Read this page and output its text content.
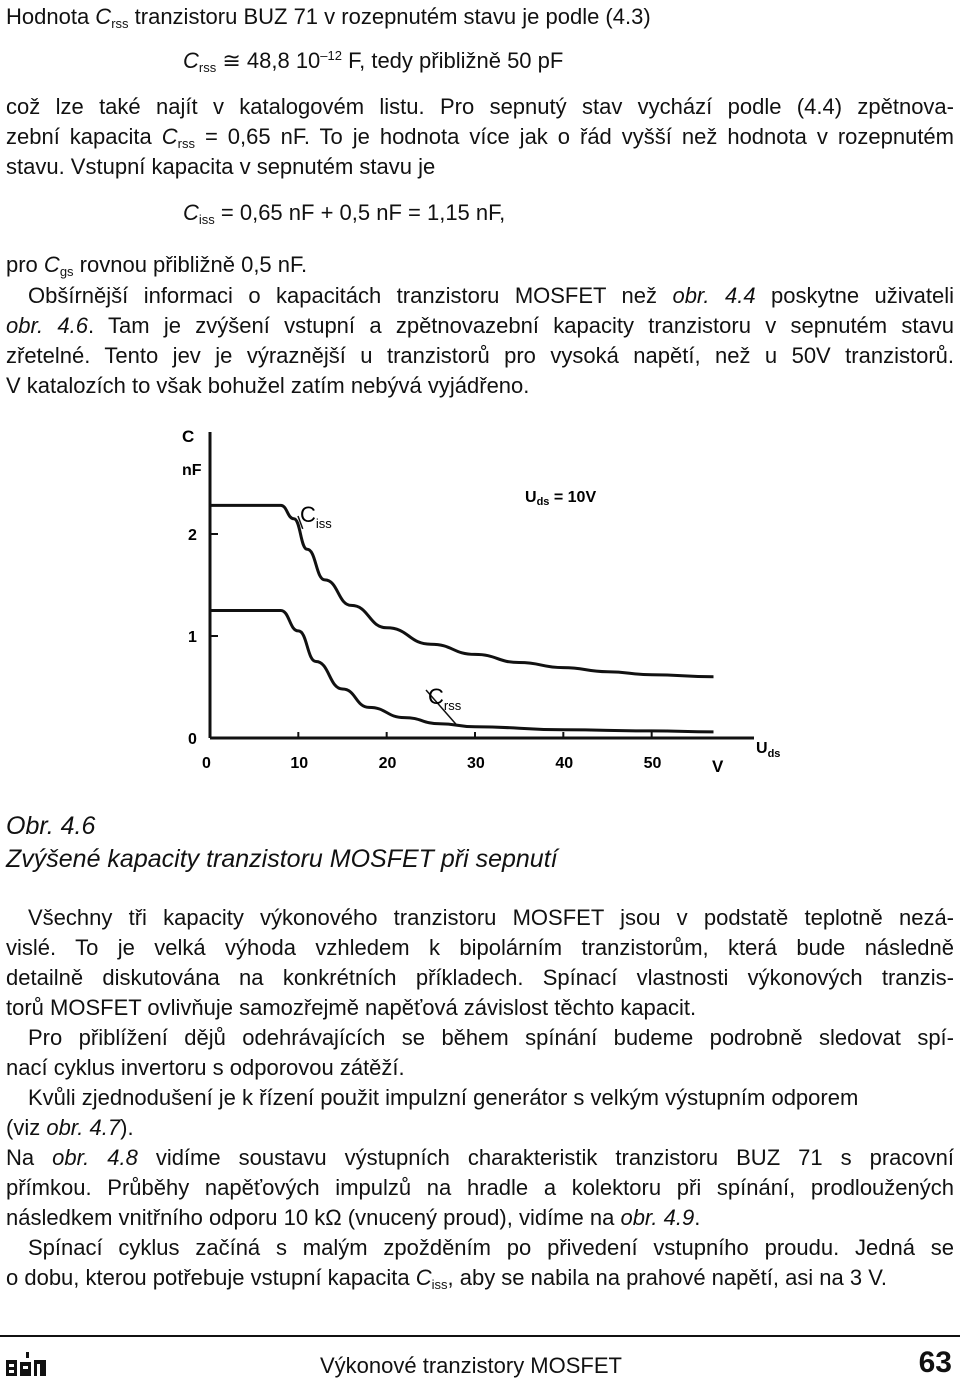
Hodnota $C_{rss}$ tranzistoru BUZ 71 v rozepnutém stavu je podle (4.3)

$C_{rss}$ ≅ 48,8 $10^{-12}$ F, tedy přibližně 50 pF

což lze také najít v katalogovém listu. Pro sepnutý stav vychází podle (4.4) zpětnova-

zební kapacita $C_{rss} = 0,65$ nF. To je hodnota více jak o řád vyšší než hodnota v rozepnutém

stavu. Vstupní kapacita v sepnutém stavu je

$C_{iss} = 0,65$ nF + 0,5 nF = 1,15 nF,

pro $C_{gs}$ rovnou přibližně 0,5 nF.

Obšírnější informaci o kapacitách tranzistoru MOSFET než obr. 4.4 poskytne uživateli

obr. 4.6. Tam je zvýšení vstupní a zpětnovazební kapacity tranzistoru v sepnutém stavu

zřetelné. Tento jev je výraznější u tranzistorů pro vysoká napětí, než u 50V tranzistorů.

V katalozích to však bohužel zatím nebývá vyjádřeno.

0
1
2
0	10	20	30	40	50
C
nF
Uds = 10V
$C_{iss}$
$C_{rss}$
$U_{ds}$
V

Obr. 4.6

Zvýšené kapacity tranzistoru MOSFET při sepnutí

Všechny tři kapacity výkonového tranzistoru MOSFET jsou v podstatě teplotně nezá-

vislé. To je velká výhoda vzhledem k bipolárním tranzistorům, která bude následně

detailně diskutována na konkrétních příkladech. Spínací vlastnosti výkonových tranzis-

torů MOSFET ovlivňuje samozřejmě napěťová závislost těchto kapacit.

Pro přiblížení dějů odehrávajících se během spínání budeme podrobně sledovat spí-

nací cyklus invertoru s odporovou zátěží.

Kvůli zjednodušení je k řízení použit impulzní generátor s velkým výstupním odporem

(viz obr. 4.7).

Na obr. 4.8 vidíme soustavu výstupních charakteristik tranzistoru BUZ 71 s pracovní

přímkou. Průběhy napěťových impulzů na hradle a kolektoru při spínání, prodloužených

následkem vnitřního odporu 10 kΩ (vnucený proud), vidíme na obr. 4.9.

Spínací cyklus začíná s malým zpožděním po přivedení vstupního proudu. Jedná se

o dobu, kterou potřebuje vstupní kapacita $C_{iss}$, aby se nabila na prahové napětí, asi na 3 V.

Výkonové tranzistory MOSFET	63
